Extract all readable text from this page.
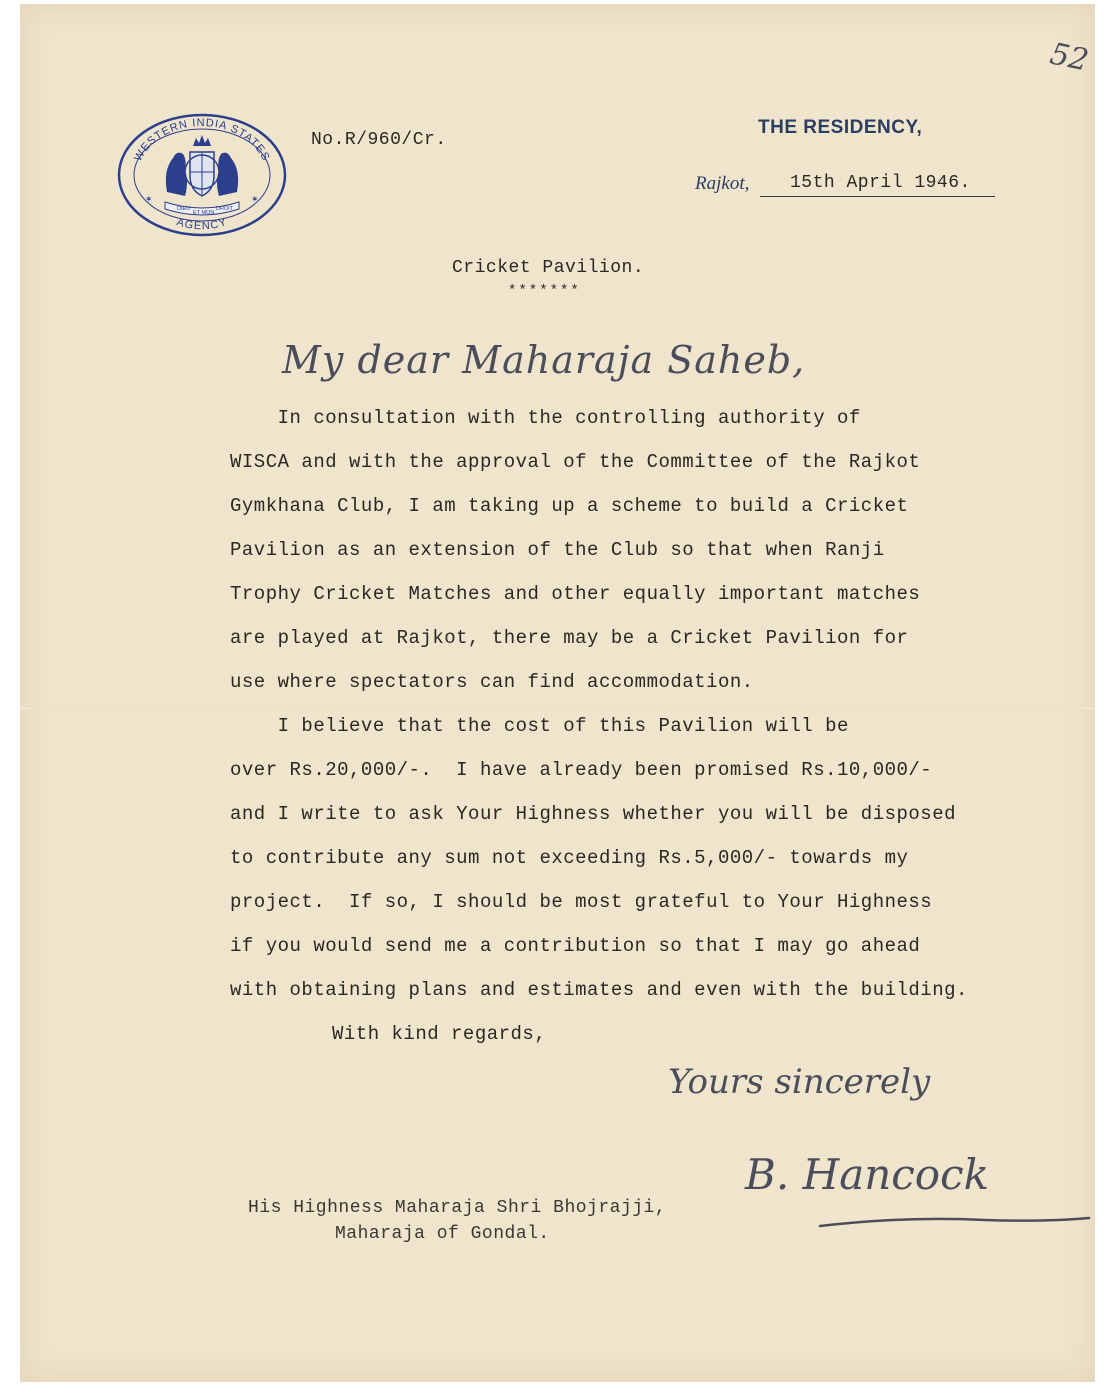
WESTERN INDIA STATES
AGENCY
DIEU
ET MON
DROIT
✶	✶
No.R/960/Cr.
THE RESIDENCY,
Rajkot, 15th April 1946.
Cricket Pavilion.
*******
My dear Maharaja Saheb,
In consultation with the controlling authority of
WISCA and with the approval of the Committee of the Rajkot
Gymkhana Club, I am taking up a scheme to build a Cricket
Pavilion as an extension of the Club so that when Ranji
Trophy Cricket Matches and other equally important matches
are played at Rajkot, there may be a Cricket Pavilion for
use where spectators can find accommodation.
I believe that the cost of this Pavilion will be
over Rs.20,000/-.  I have already been promised Rs.10,000/-
and I write to ask Your Highness whether you will be disposed
to contribute any sum not exceeding Rs.5,000/- towards my
project.  If so, I should be most grateful to Your Highness
if you would send me a contribution so that I may go ahead
with obtaining plans and estimates and even with the building.
With kind regards,
Yours sincerely
B. Hancock
His Highness Maharaja Shri Bhojrajji,
Maharaja of Gondal.
52
